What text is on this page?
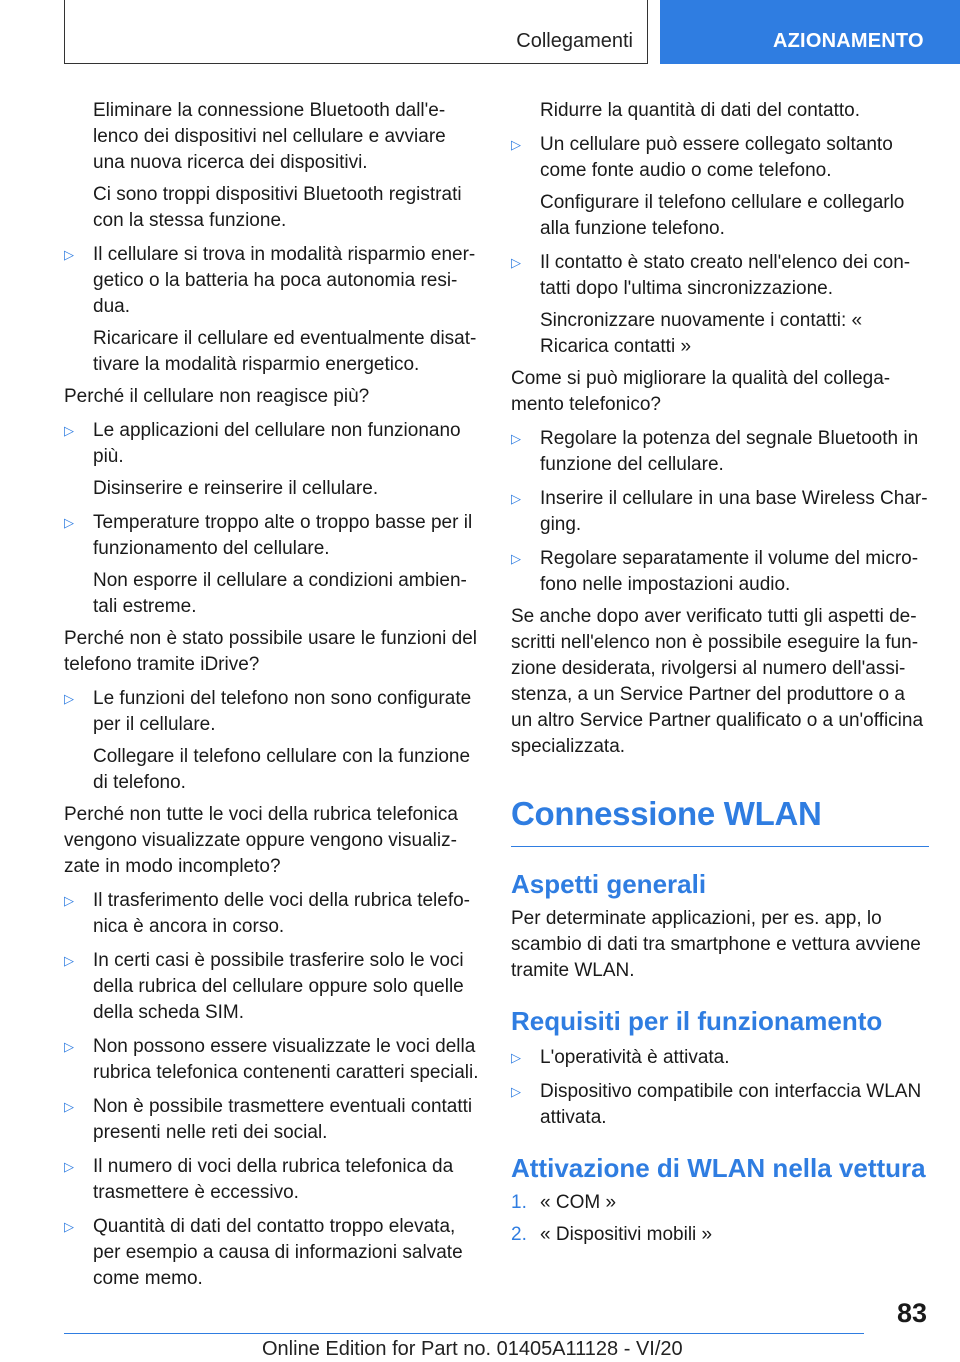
Collegamenti	AZIONAMENTO

Eliminare la connessione Bluetooth dall'e‐ lenco dei dispositivi nel cellulare e avviare una nuova ricerca dei dispositivi.

Ci sono troppi dispositivi Bluetooth registrati con la stessa funzione.

▷	Il cellulare si trova in modalità risparmio ener‐ getico o la batteria ha poca autonomia resi‐ dua.

Ricaricare il cellulare ed eventualmente disat‐ tivare la modalità risparmio energetico.

Perché il cellulare non reagisce più?

▷	Le applicazioni del cellulare non funzionano più.

Disinserire e reinserire il cellulare.

▷	Temperature troppo alte o troppo basse per il funzionamento del cellulare.

Non esporre il cellulare a condizioni ambien‐ tali estreme.

Perché non è stato possibile usare le funzioni del telefono tramite iDrive?

▷	Le funzioni del telefono non sono configurate per il cellulare.

Collegare il telefono cellulare con la funzione di telefono.

Perché non tutte le voci della rubrica telefonica vengono visualizzate oppure vengono visualiz‐ zate in modo incompleto?

▷	Il trasferimento delle voci della rubrica telefo‐ nica è ancora in corso.
▷	In certi casi è possibile trasferire solo le voci della rubrica del cellulare oppure solo quelle della scheda SIM.
▷	Non possono essere visualizzate le voci della rubrica telefonica contenenti caratteri speciali.
▷	Non è possibile trasmettere eventuali contatti presenti nelle reti dei social.
▷	Il numero di voci della rubrica telefonica da trasmettere è eccessivo.
▷	Quantità di dati del contatto troppo elevata, per esempio a causa di informazioni salvate come memo.

Ridurre la quantità di dati del contatto.

▷	Un cellulare può essere collegato soltanto come fonte audio o come telefono.

Configurare il telefono cellulare e collegarlo alla funzione telefono.

▷	Il contatto è stato creato nell'elenco dei con‐ tatti dopo l'ultima sincronizzazione.

Sincronizzare nuovamente i contatti: « Ricarica contatti »

Come si può migliorare la qualità del collega‐ mento telefonico?

▷	Regolare la potenza del segnale Bluetooth in funzione del cellulare.
▷	Inserire il cellulare in una base Wireless Char‐ ging.
▷	Regolare separatamente il volume del micro‐ fono nelle impostazioni audio.

Se anche dopo aver verificato tutti gli aspetti de‐ scritti nell'elenco non è possibile eseguire la fun‐ zione desiderata, rivolgersi al numero dell'assi‐ stenza, a un Service Partner del produttore o a un altro Service Partner qualificato o a un'officina specializzata.

Connessione WLAN
Aspetti generali

Per determinate applicazioni, per es. app, lo scambio di dati tra smartphone e vettura avviene tramite WLAN.

Requisiti per il funzionamento
▷	L'operatività è attivata.
▷	Dispositivo compatibile con interfaccia WLAN attivata.
Attivazione di WLAN nella vettura
1. « COM »
2. « Dispositivi mobili »
83
Online Edition for Part no. 01405A11128 - VI/20
